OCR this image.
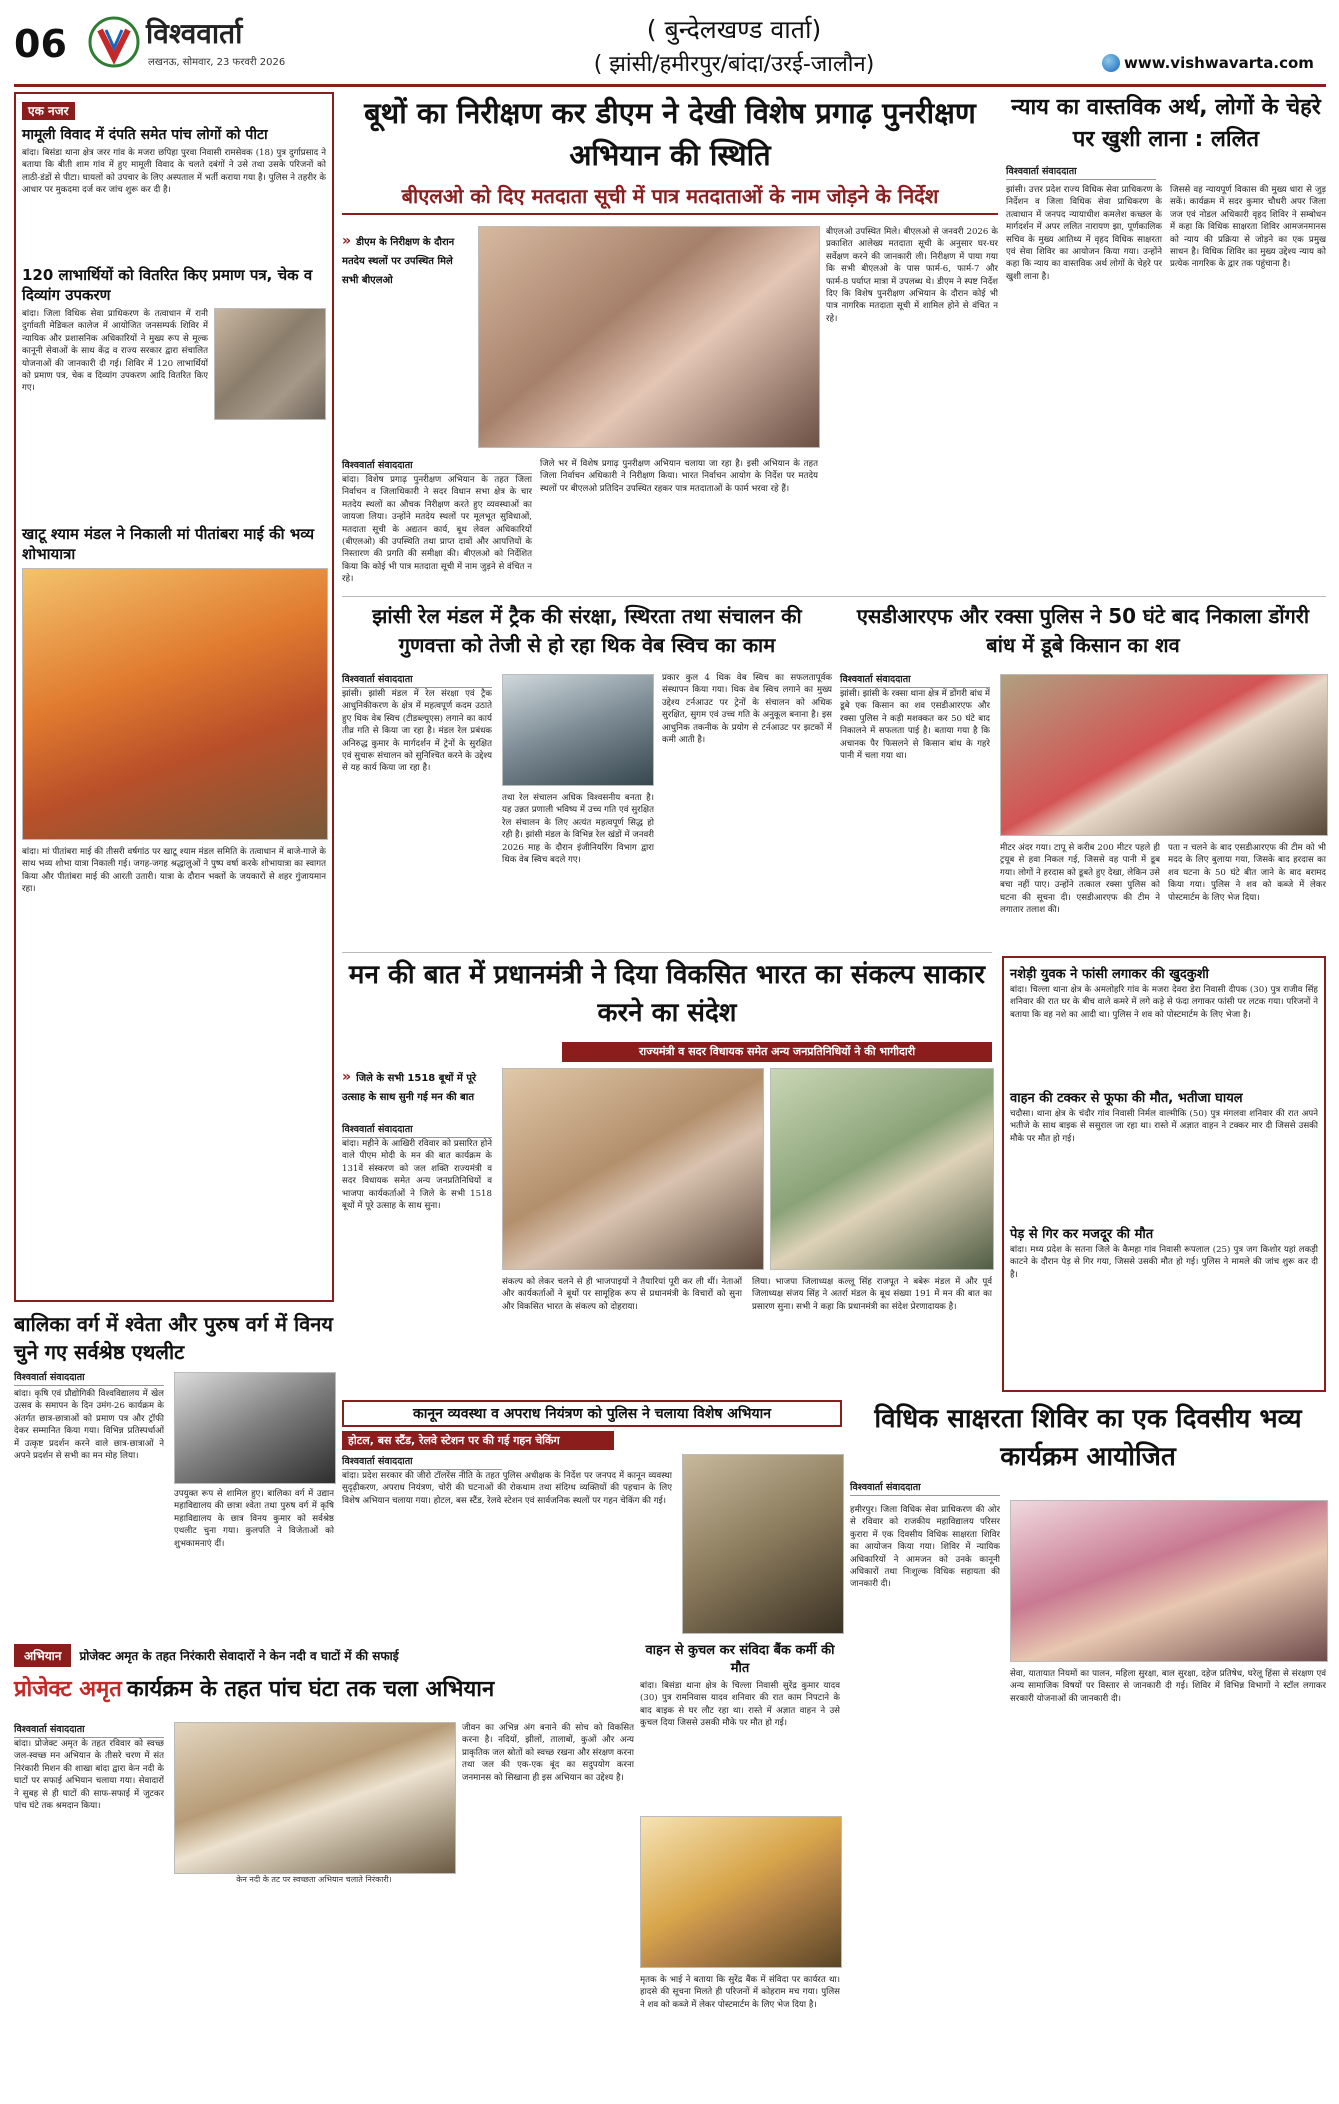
06	विश्ववार्ता
लखनऊ, सोमवार, 23 फरवरी 2026
( बुन्देलखण्ड वार्ता)
( झांसी/हमीरपुर/बांदा/उरई-जालौन)	www.vishwavarta.com
एक नजर
मामूली विवाद में दंपति समेत पांच लोगों को पीटा
बांदा। बिसंडा थाना क्षेत्र जरर गांव के मजरा छपिहा पुरवा निवासी रामसेवक (18) पुत्र दुर्गाप्रसाद ने बताया कि बीती शाम गांव में हुए मामूली विवाद के चलते दबंगों ने उसे तथा उसके परिजनों को लाठी-डंडों से पीटा। घायलों को उपचार के लिए अस्पताल में भर्ती कराया गया है। पुलिस ने तहरीर के आधार पर मुकदमा दर्ज कर जांच शुरू कर दी है।
120 लाभार्थियों को वितरित किए प्रमाण पत्र, चेक व दिव्यांग उपकरण
बांदा। जिला विधिक सेवा प्राधिकरण के तत्वाधान में रानी दुर्गावती मेडिकल कालेज में आयोजित जनसम्पर्क शिविर में न्यायिक और प्रशासनिक अधिकारियों ने मुख्य रूप से मूल्क कानूनी सेवाओं के साथ केंद्र व राज्य सरकार द्वारा संचालित योजनाओं की जानकारी दी गई। शिविर में 120 लाभार्थियों को प्रमाण पत्र, चेक व दिव्यांग उपकरण आदि वितरित किए गए।
खाटू श्याम मंडल ने निकाली मां पीतांबरा माई की भव्य शोभायात्रा
बांदा। मां पीतांबरा माई की तीसरी वर्षगांठ पर खाटू श्याम मंडल समिति के तत्वाधान में बाजे-गाजे के साथ भव्य शोभा यात्रा निकाली गई। जगह-जगह श्रद्धालुओं ने पुष्प वर्षा करके शोभायात्रा का स्वागत किया और पीतांबरा माई की आरती उतारी। यात्रा के दौरान भक्तों के जयकारों से शहर गुंजायमान रहा।
बूथों का निरीक्षण कर डीएम ने देखी विशेष प्रगाढ़ पुनरीक्षण अभियान की स्थिति
बीएलओ को दिए मतदाता सूची में पात्र मतदाताओं के नाम जोड़ने के निर्देश
» डीएम के निरीक्षण के दौरान मतदेय स्थलों पर उपस्थित मिले सभी बीएलओ
विश्ववार्ता संवाददाता
बांदा। विशेष प्रगाढ़ पुनरीक्षण अभियान के तहत जिला निर्वाचन व जिलाधिकारी ने सदर विधान सभा क्षेत्र के चार मतदेय स्थलों का औचक निरीक्षण करते हुए व्यवस्थाओं का जायजा लिया। उन्होंने मतदेय स्थलों पर मूलभूत सुविधाओं, मतदाता सूची के अद्यतन कार्य, बूथ लेवल अधिकारियों (बीएलओ) की उपस्थिति तथा प्राप्त दावों और आपत्तियों के निस्तारण की प्रगति की समीक्षा की। बीएलओ को निर्देशित किया कि कोई भी पात्र मतदाता सूची में नाम जुड़ने से वंचित न रहे।
जिले भर में विशेष प्रगाढ़ पुनरीक्षण अभियान चलाया जा रहा है। इसी अभियान के तहत जिला निर्वाचन अधिकारी ने निरीक्षण किया। भारत निर्वाचन आयोग के निर्देश पर मतदेय स्थलों पर बीएलओ प्रतिदिन उपस्थित रहकर पात्र मतदाताओं के फार्म भरवा रहे हैं।
बीएलओ उपस्थित मिले। बीएलओ से जनवरी 2026 के प्रकाशित आलेख्य मतदाता सूची के अनुसार घर-घर सर्वेक्षण करने की जानकारी ली। निरीक्षण में पाया गया कि सभी बीएलओ के पास फार्म-6, फार्म-7 और फार्म-8 पर्याप्त मात्रा में उपलब्ध थे। डीएम ने स्पष्ट निर्देश दिए कि विशेष पुनरीक्षण अभियान के दौरान कोई भी पात्र नागरिक मतदाता सूची में शामिल होने से वंचित न रहे।
न्याय का वास्तविक अर्थ, लोगों के चेहरे पर खुशी लाना : ललित
विश्ववार्ता संवाददाता
झांसी। उत्तर प्रदेश राज्य विधिक सेवा प्राधिकरण के निर्देशन व जिला विधिक सेवा प्राधिकरण के तत्वाधान में जनपद न्यायाधीश कमलेश कच्छल के मार्गदर्शन में अपर ललित नारायण झा, पूर्णकालिक सचिव के मुख्य आतिथ्य में वृहद विधिक साक्षरता एवं सेवा शिविर का आयोजन किया गया। उन्होंने कहा कि न्याय का वास्तविक अर्थ लोगों के चेहरे पर खुशी लाना है।
जिससे वह न्यायपूर्ण विकास की मुख्य धारा से जुड़ सकें। कार्यक्रम में सदर कुमार चौधरी अपर जिला जज एवं नोडल अधिकारी वृहद शिविर ने सम्बोधन में कहा कि विधिक साक्षरता शिविर आमजनमानस को न्याय की प्रक्रिया से जोड़ने का एक प्रमुख साधन है। विधिक शिविर का मुख्य उद्देश्य न्याय को प्रत्येक नागरिक के द्वार तक पहुंचाना है।
झांसी रेल मंडल में ट्रैक की संरक्षा, स्थिरता तथा संचालन की गुणवत्ता को तेजी से हो रहा थिक वेब स्विच का काम
विश्ववार्ता संवाददाता
झांसी। झांसी मंडल में रेल संरक्षा एवं ट्रैक आधुनिकीकरण के क्षेत्र में महत्वपूर्ण कदम उठाते हुए थिक वेब स्विच (टीडब्ल्यूएस) लगाने का कार्य तीव्र गति से किया जा रहा है। मंडल रेल प्रबंधक अनिरुद्ध कुमार के मार्गदर्शन में ट्रेनों के सुरक्षित एवं सुचारू संचालन को सुनिश्चित करने के उद्देश्य से यह कार्य किया जा रहा है।
तथा रेल संचालन अधिक विश्वसनीय बनता है। यह उन्नत प्रणाली भविष्य में उच्च गति एवं सुरक्षित रेल संचालन के लिए अत्यंत महत्वपूर्ण सिद्ध हो रही है। झांसी मंडल के विभिन्न रेल खंडों में जनवरी 2026 माह के दौरान इंजीनियरिंग विभाग द्वारा थिक वेब स्विच बदले गए।
प्रकार कुल 4 थिक वेब स्विच का सफलतापूर्वक संस्थापन किया गया। थिक वेब स्विच लगाने का मुख्य उद्देश्य टर्नआउट पर ट्रेनों के संचालन को अधिक सुरक्षित, सुगम एवं उच्च गति के अनुकूल बनाना है। इस आधुनिक तकनीक के प्रयोग से टर्नआउट पर झटकों में कमी आती है।
एसडीआरएफ और रक्सा पुलिस ने 50 घंटे बाद निकाला डोंगरी बांध में डूबे किसान का शव
विश्ववार्ता संवाददाता
झांसी। झांसी के रक्सा थाना क्षेत्र में डोंगरी बांध में डूबे एक किसान का शव एसडीआरएफ और रक्सा पुलिस ने कड़ी मशक्कत कर 50 घंटे बाद निकालने में सफलता पाई है। बताया गया है कि अचानक पैर फिसलने से किसान बांध के गहरे पानी में चला गया था।
मीटर अंदर गया। टापू से करीब 200 मीटर पहले ही ट्रयूब से हवा निकल गई, जिससे वह पानी में डूब गया। लोगों ने हरदास को डूबते हुए देखा, लेकिन उसे बचा नहीं पाए। उन्होंने तत्काल रक्सा पुलिस को घटना की सूचना दी। एसडीआरएफ की टीम ने लगातार तलाश की।
पता न चलने के बाद एसडीआरएफ की टीम को भी मदद के लिए बुलाया गया, जिसके बाद हरदास का शव घटना के 50 घंटे बीत जाने के बाद बरामद किया गया। पुलिस ने शव को कब्जे में लेकर पोस्टमार्टम के लिए भेज दिया।
मन की बात में प्रधानमंत्री ने दिया विकसित भारत का संकल्प साकार करने का संदेश
राज्यमंत्री व सदर विधायक समेत अन्य जनप्रतिनिधियों ने की भागीदारी
» जिले के सभी 1518 बूथों में पूरे उत्साह के साथ सुनी गई मन की बात
विश्ववार्ता संवाददाता
बांदा। महीने के आखिरी रविवार को प्रसारित होने वाले पीएम मोदी के मन की बात कार्यक्रम के 131वें संस्करण को जल शक्ति राज्यमंत्री व सदर विधायक समेत अन्य जनप्रतिनिधियों व भाजपा कार्यकर्ताओं ने जिले के सभी 1518 बूथों में पूरे उत्साह के साथ सुना।
संकल्प को लेकर चलने से ही भाजपाइयों ने तैयारियां पूरी कर ली थीं। नेताओं और कार्यकर्ताओं ने बूथों पर सामूहिक रूप से प्रधानमंत्री के विचारों को सुना और विकसित भारत के संकल्प को दोहराया।
लिया। भाजपा जिलाध्यक्ष कल्लू सिंह राजपूत ने बबेरू मंडल में और पूर्व जिलाध्यक्ष संजय सिंह ने अतर्रा मंडल के बूथ संख्या 191 में मन की बात का प्रसारण सुना। सभी ने कहा कि प्रधानमंत्री का संदेश प्रेरणादायक है।
नशेड़ी युवक ने फांसी लगाकर की खुदकुशी
बांदा। चिल्ला थाना क्षेत्र के अमलोहरि गांव के मजरा देवरा डेरा निवासी दीपक (30) पुत्र राजीव सिंह शनिवार की रात घर के बीच वाले कमरे में लगे कड़े से फंदा लगाकर फांसी पर लटक गया। परिजनों ने बताया कि वह नशे का आदी था। पुलिस ने शव को पोस्टमार्टम के लिए भेजा है।
वाहन की टक्कर से फूफा की मौत, भतीजा घायल
चदौसा। थाना क्षेत्र के चंदौर गांव निवासी निर्मल वाल्मीकि (50) पुत्र मंगलवा शनिवार की रात अपने भतीजे के साथ बाइक से ससुराल जा रहा था। रास्ते में अज्ञात वाहन ने टक्कर मार दी जिससे उसकी मौके पर मौत हो गई।
पेड़ से गिर कर मजदूर की मौत
बांदा। मध्य प्रदेश के सतना जिले के कैमहा गांव निवासी रूपलाल (25) पुत्र जग किशोर यहां लकड़ी काटने के दौरान पेड़ से गिर गया, जिससे उसकी मौत हो गई। पुलिस ने मामले की जांच शुरू कर दी है।
बालिका वर्ग में श्वेता और पुरुष वर्ग में विनय चुने गए सर्वश्रेष्ठ एथलीट
विश्ववार्ता संवाददाता
बांदा। कृषि एवं प्रौद्योगिकी विश्वविद्यालय में खेल उत्सव के समापन के दिन उमंग-26 कार्यक्रम के अंतर्गत छात्र-छात्राओं को प्रमाण पत्र और ट्रॉफी देकर सम्मानित किया गया। विभिन्न प्रतिस्पर्धाओं में उत्कृष्ट प्रदर्शन करने वाले छात्र-छात्राओं ने अपने प्रदर्शन से सभी का मन मोह लिया।
उपयुक्त रूप से शामिल हुए। बालिका वर्ग में उद्यान महाविद्यालय की छात्रा श्वेता तथा पुरुष वर्ग में कृषि महाविद्यालय के छात्र विनय कुमार को सर्वश्रेष्ठ एथलीट चुना गया। कुलपति ने विजेताओं को शुभकामनाएं दीं।
कानून व्यवस्था व अपराध नियंत्रण को पुलिस ने चलाया विशेष अभियान
होटल, बस स्टैंड, रेलवे स्टेशन पर की गई गहन चेकिंग
विश्ववार्ता संवाददाता
बांदा। प्रदेश सरकार की जीरो टॉलरेंस नीति के तहत पुलिस अधीक्षक के निर्देश पर जनपद में कानून व्यवस्था सुदृढ़ीकरण, अपराध नियंत्रण, चोरी की घटनाओं की रोकथाम तथा संदिग्ध व्यक्तियों की पहचान के लिए विशेष अभियान चलाया गया। होटल, बस स्टैंड, रेलवे स्टेशन एवं सार्वजनिक स्थलों पर गहन चेकिंग की गई।
विधिक साक्षरता शिविर का एक दिवसीय भव्य कार्यक्रम आयोजित
विश्ववार्ता संवाददाता
हमीरपुर। जिला विधिक सेवा प्राधिकरण की ओर से रविवार को राजकीय महाविद्यालय परिसर कुरारा में एक दिवसीय विधिक साक्षरता शिविर का आयोजन किया गया। शिविर में न्यायिक अधिकारियों ने आमजन को उनके कानूनी अधिकारों तथा निःशुल्क विधिक सहायता की जानकारी दी।
सेवा, यातायात नियमों का पालन, महिला सुरक्षा, बाल सुरक्षा, दहेज प्रतिषेध, घरेलू हिंसा से संरक्षण एवं अन्य सामाजिक विषयों पर विस्तार से जानकारी दी गई। शिविर में विभिन्न विभागों ने स्टॉल लगाकर सरकारी योजनाओं की जानकारी दी।
वाहन से कुचल कर संविदा बैंक कर्मी की मौत
बांदा। बिसंडा थाना क्षेत्र के चिल्ला निवासी सुरेंद्र कुमार यादव (30) पुत्र रामनिवास यादव शनिवार की रात काम निपटाने के बाद बाइक से घर लौट रहा था। रास्ते में अज्ञात वाहन ने उसे कुचल दिया जिससे उसकी मौके पर मौत हो गई।
मृतक के भाई ने बताया कि सुरेंद्र बैंक में संविदा पर कार्यरत था। हादसे की सूचना मिलते ही परिजनों में कोहराम मच गया। पुलिस ने शव को कब्जे में लेकर पोस्टमार्टम के लिए भेज दिया है।
अभियान	प्रोजेक्ट अमृत के तहत निरंकारी सेवादारों ने केन नदी व घाटों में की सफाई
प्रोजेक्ट अमृत कार्यक्रम के तहत पांच घंटा तक चला अभियान
विश्ववार्ता संवाददाता
बांदा। प्रोजेक्ट अमृत के तहत रविवार को स्वच्छ जल-स्वच्छ मन अभियान के तीसरे चरण में संत निरंकारी मिशन की शाखा बांदा द्वारा केन नदी के घाटों पर सफाई अभियान चलाया गया। सेवादारों ने सुबह से ही घाटों की साफ-सफाई में जुटकर पांच घंटे तक श्रमदान किया।
केन नदी के तट पर स्वच्छता अभियान चलाते निरंकारी।
जीवन का अभिन्न अंग बनाने की सोच को विकसित करना है। नदियों, झीलों, तालाबों, कुओं और अन्य प्राकृतिक जल स्रोतों को स्वच्छ रखना और संरक्षण करना तथा जल की एक-एक बूंद का सदुपयोग करना जनमानस को सिखाना ही इस अभियान का उद्देश्य है।
